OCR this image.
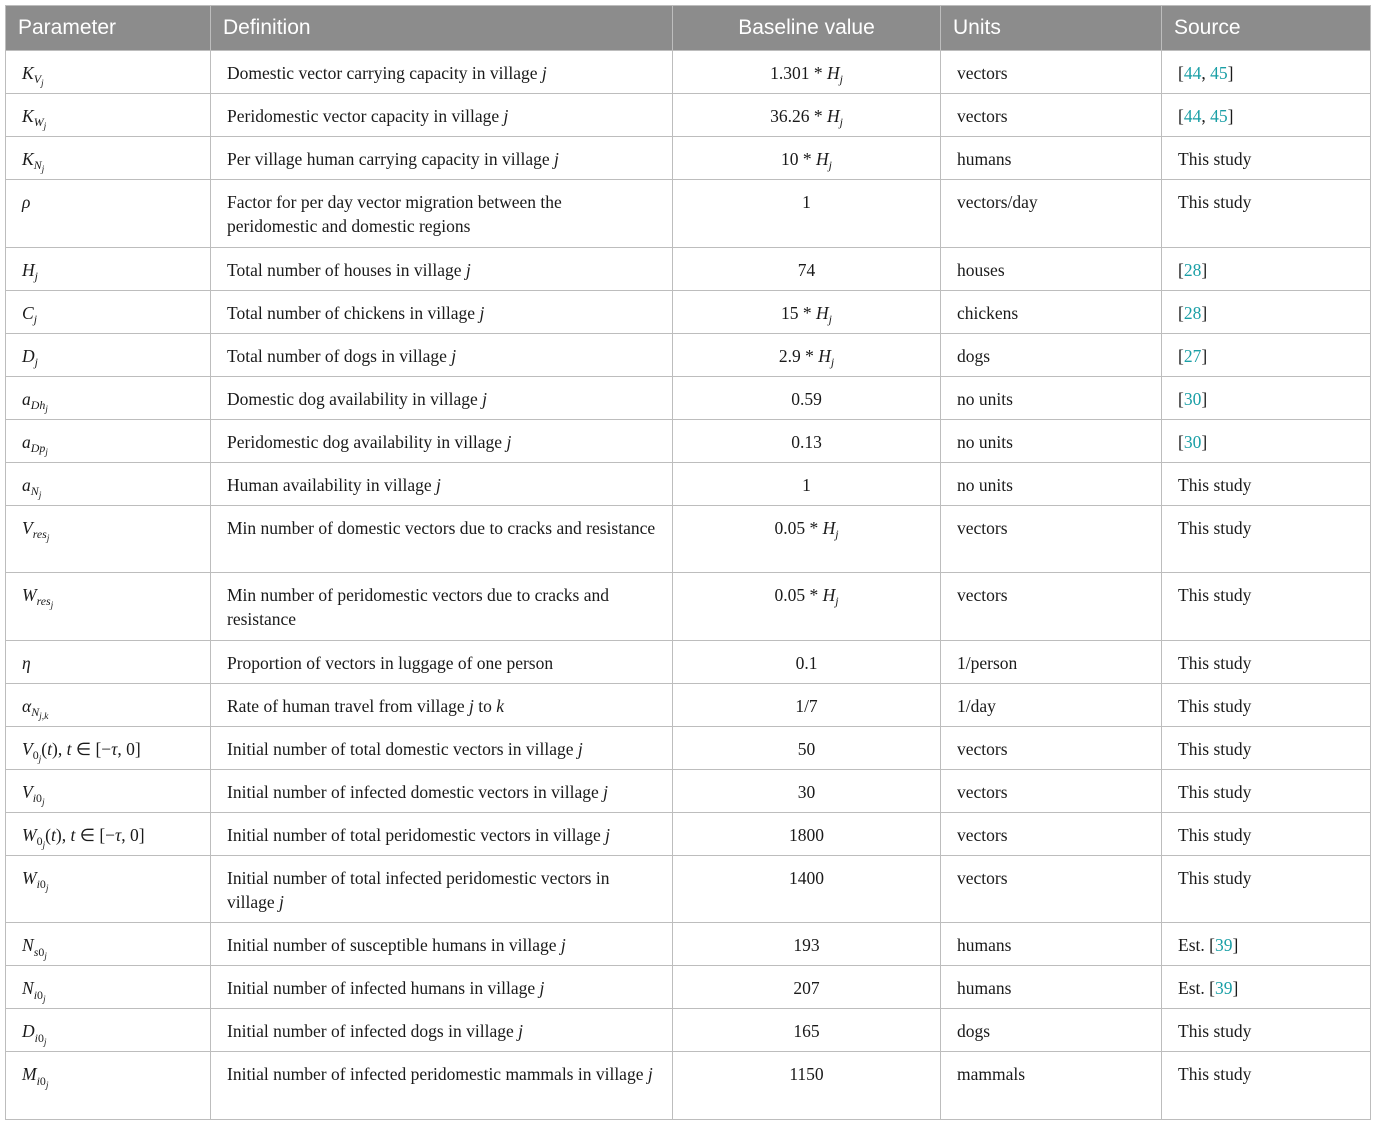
Parameter	Definition	Baseline value	Units	Source
$K_{V_j}$	Domestic vector carrying capacity in village j	$1.301 * H_j$	vectors	[44, 45]
$K_{W_j}$	Peridomestic vector capacity in village j	$36.26 * H_j$	vectors	[44, 45]
$K_{N_j}$	Per village human carrying capacity in village j	$10 * H_j$	humans	This study
ρ	Factor for per day vector migration between the peridomestic and domestic regions	1	vectors/day	This study
$H_j$	Total number of houses in village j	74	houses	[28]
$C_j$	Total number of chickens in village j	$15 * H_j$	chickens	[28]
$D_j$	Total number of dogs in village j	$2.9 * H_j$	dogs	[27]
$a_{Dh_j}$	Domestic dog availability in village j	0.59	no units	[30]
$a_{Dp_j}$	Peridomestic dog availability in village j	0.13	no units	[30]
$a_{N_j}$	Human availability in village j	1	no units	This study
$V_{res_j}$	Min number of domestic vectors due to cracks and resistance	$0.05 * H_j$	vectors	This study
$W_{res_j}$	Min number of peridomestic vectors due to cracks and resistance	$0.05 * H_j$	vectors	This study
η	Proportion of vectors in luggage of one person	0.1	1/person	This study
$\alpha_{N_{j,k}}$	Rate of human travel from village j to k	1/7	1/day	This study
$V_{0_j}(t)$, t ∈ [−τ, 0]	Initial number of total domestic vectors in village j	50	vectors	This study
$V_{i0_j}$	Initial number of infected domestic vectors in village j	30	vectors	This study
$W_{0_j}(t)$, t ∈ [−τ, 0]	Initial number of total peridomestic vectors in village j	1800	vectors	This study
$W_{i0_j}$	Initial number of total infected peridomestic vectors in village j	1400	vectors	This study
$N_{s0_j}$	Initial number of susceptible humans in village j	193	humans	Est. [39]
$N_{i0_j}$	Initial number of infected humans in village j	207	humans	Est. [39]
$D_{i0_j}$	Initial number of infected dogs in village j	165	dogs	This study
$M_{i0_j}$	Initial number of infected peridomestic mammals in village j	1150	mammals	This study
